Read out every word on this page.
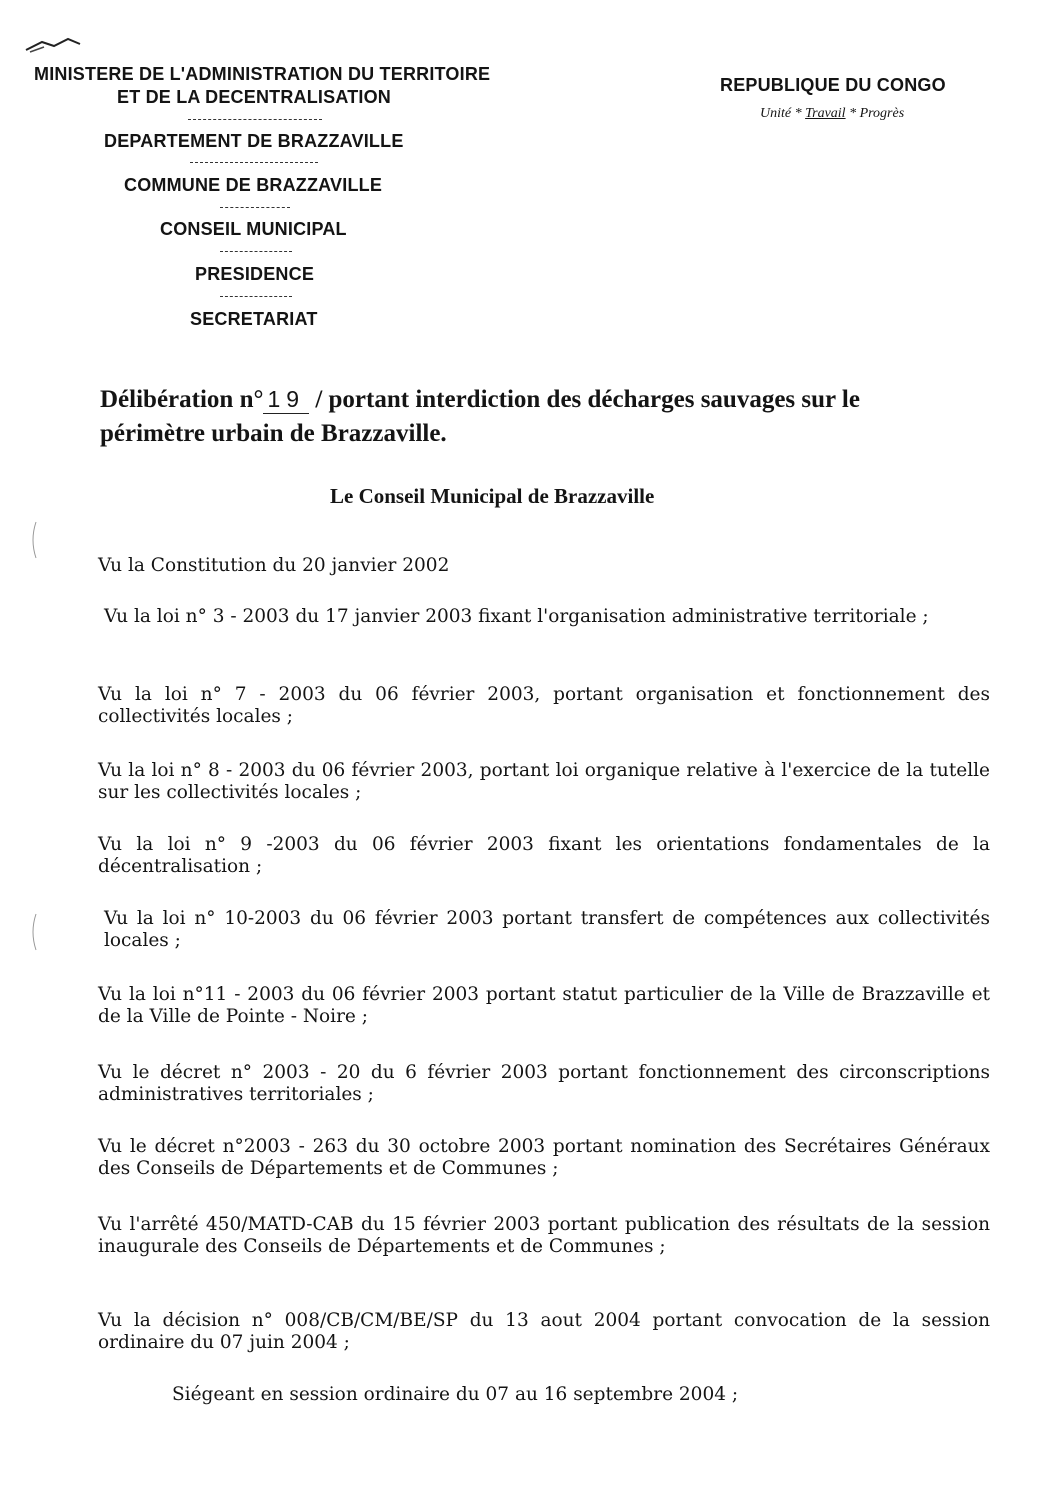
MINISTERE DE L'ADMINISTRATION DU TERRITOIRE
ET DE LA DECENTRALISATION
DEPARTEMENT DE BRAZZAVILLE
COMMUNE DE BRAZZAVILLE
CONSEIL MUNICIPAL
PRESIDENCE
SECRETARIAT
REPUBLIQUE DU CONGO
Unité * Travail * Progrès
Délibération n° 19 / portant interdiction des décharges sauvages sur le
périmètre urbain de Brazzaville.
Le Conseil Municipal de Brazzaville
Vu la Constitution du 20 janvier 2002
Vu la loi n° 3 - 2003 du 17 janvier 2003 fixant l'organisation administrative territoriale ;
Vu la loi n° 7 - 2003 du 06 février 2003, portant organisation et fonctionnement des collectivités locales ;
Vu la loi n° 8 - 2003 du 06 février 2003, portant loi organique relative à l'exercice de la tutelle sur les collectivités locales ;
Vu la loi n° 9 -2003 du 06 février 2003 fixant les orientations fondamentales de la décentralisation ;
Vu la loi n° 10-2003 du 06 février 2003 portant transfert de compétences aux collectivités locales ;
Vu la loi n°11 - 2003 du 06 février 2003 portant statut particulier de la Ville de Brazzaville et de la Ville de Pointe - Noire ;
Vu le décret n° 2003 - 20 du 6 février 2003 portant fonctionnement des circonscriptions administratives territoriales ;
Vu le décret n°2003 - 263 du 30 octobre 2003 portant nomination des Secrétaires Généraux des Conseils de Départements et de Communes ;
Vu l'arrêté 450/MATD-CAB du 15 février 2003 portant publication des résultats de la session inaugurale des Conseils de Départements et de Communes ;
Vu la décision n° 008/CB/CM/BE/SP du 13 aout 2004 portant convocation de la session ordinaire du 07 juin 2004 ;
Siégeant en session ordinaire du 07 au 16 septembre 2004 ;
